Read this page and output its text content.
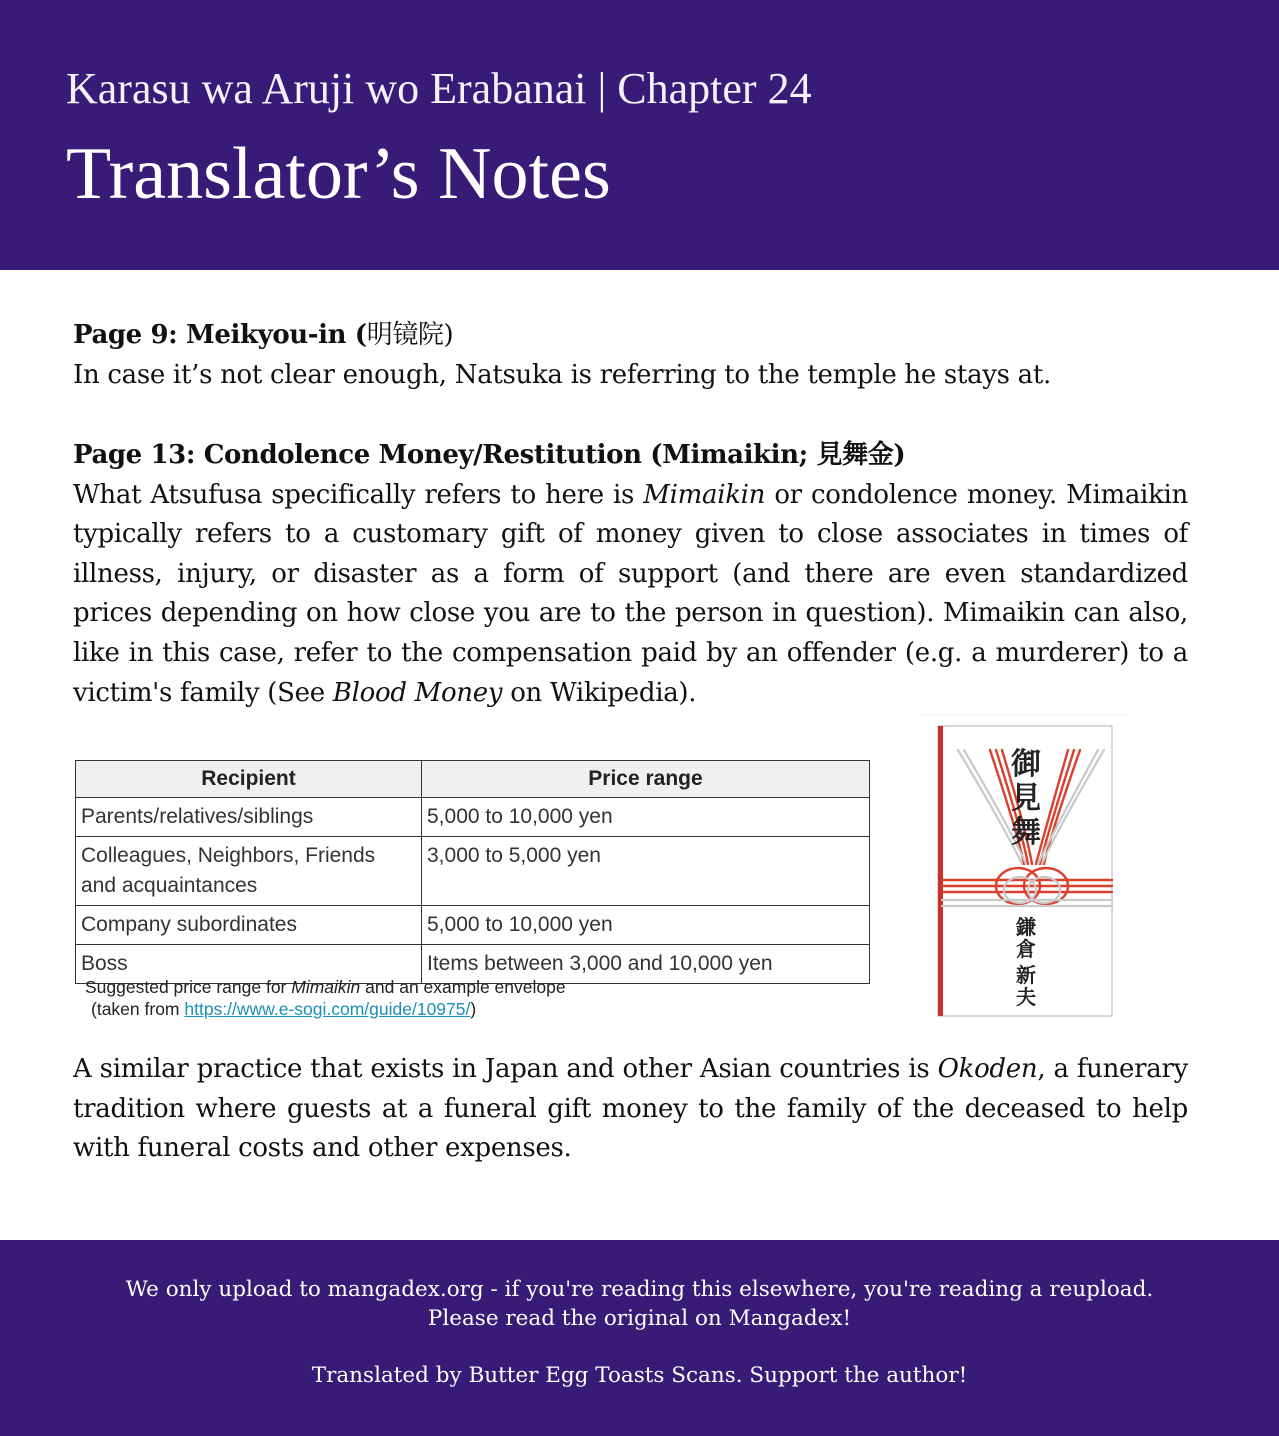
Karasu wa Aruji wo Erabanai | Chapter 24
Translator’s Notes

Page 9: Meikyou-in (明镜院)

In case it’s not clear enough, Natsuka is referring to the temple he stays at.

Page 13: Condolence Money/Restitution (Mimaikin; 見舞金)

What Atsufusa specifically refers to here is Mimaikin or condolence money. Mimaikin typically refers to a customary gift of money given to close associates in times of illness, injury, or disaster as a form of support (and there are even standardized prices depending on how close you are to the person in question). Mimaikin can also, like in this case, refer to the compensation paid by an offender (e.g. a murderer) to a victim's family (See Blood Money on Wikipedia).

Recipient	Price range
Parents/relatives/siblings	5,000 to 10,000 yen
Colleagues, Neighbors, Friends and acquaintances	3,000 to 5,000 yen
Company subordinates	5,000 to 10,000 yen
Boss	Items between 3,000 and 10,000 yen
Suggested price range for Mimaikin and an example envelope
(taken from https://www.e-sogi.com/guide/10975/)
御
見
舞
鎌
倉
新
夫

A similar practice that exists in Japan and other Asian countries is Okoden, a funerary tradition where guests at a funeral gift money to the family of the deceased to help with funeral costs and other expenses.

We only upload to mangadex.org - if you're reading this elsewhere, you're reading a reupload.

Please read the original on Mangadex!

Translated by Butter Egg Toasts Scans. Support the author!
